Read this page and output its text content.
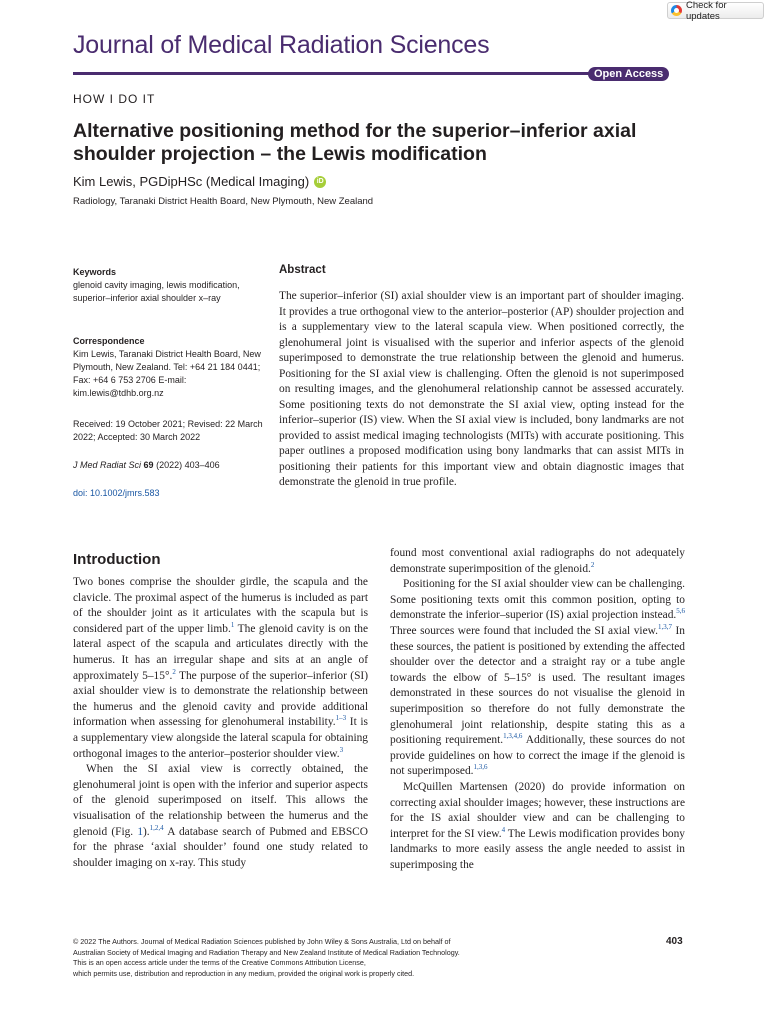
Check for updates
Journal of Medical Radiation Sciences
Open Access
HOW I DO IT
Alternative positioning method for the superior–inferior axial shoulder projection – the Lewis modification
Kim Lewis, PGDipHSc (Medical Imaging)	iD
Radiology, Taranaki District Health Board, New Plymouth, New Zealand
Keywords
glenoid cavity imaging, lewis modification, superior–inferior axial shoulder x–ray
Correspondence
Kim Lewis, Taranaki District Health Board, New Plymouth, New Zealand. Tel: +64 21 184 0441; Fax: +64 6 753 2706 E-mail: kim.lewis@tdhb.org.nz
Received: 19 October 2021; Revised: 22 March 2022; Accepted: 30 March 2022
J Med Radiat Sci 69 (2022) 403–406
doi: 10.1002/jmrs.583
Abstract

The superior–inferior (SI) axial shoulder view is an important part of shoulder imaging. It provides a true orthogonal view to the anterior–posterior (AP) shoulder projection and is a supplementary view to the lateral scapula view. When positioned correctly, the glenohumeral joint is visualised with the superior and inferior aspects of the glenoid superimposed to demonstrate the true relationship between the glenoid and humerus. Positioning for the SI axial view is challenging. Often the glenoid is not superimposed on resulting images, and the glenohumeral relationship cannot be assessed accurately. Some positioning texts do not demonstrate the SI axial view, opting instead for the inferior–superior (IS) view. When the SI axial view is included, bony landmarks are not provided to assist medical imaging technologists (MITs) with accurate positioning. This paper outlines a proposed modification using bony landmarks that can assist MITs in positioning their patients for this important view and obtain diagnostic images that demonstrate the glenoid in true profile.

Introduction

Two bones comprise the shoulder girdle, the scapula and the clavicle. The proximal aspect of the humerus is included as part of the shoulder joint as it articulates with the scapula but is considered part of the upper limb.$^1$ The glenoid cavity is on the lateral aspect of the scapula and articulates directly with the humerus. It has an irregular shape and sits at an angle of approximately 5–15°.$^2$ The purpose of the superior–inferior (SI) axial shoulder view is to demonstrate the relationship between the humerus and the glenoid cavity and provide additional information when assessing for glenohumeral instability.$^{1-3}$ It is a supplementary view alongside the lateral scapula for obtaining orthogonal images to the anterior–posterior shoulder view.$^3$

When the SI axial view is correctly obtained, the glenohumeral joint is open with the inferior and superior aspects of the glenoid superimposed on itself. This allows the visualisation of the relationship between the humerus and the glenoid (Fig. 1).$^{1,2,4}$ A database search of Pubmed and EBSCO for the phrase ‘axial shoulder’ found one study related to shoulder imaging on x-ray. This study

found most conventional axial radiographs do not adequately demonstrate superimposition of the glenoid.$^2$

Positioning for the SI axial shoulder view can be challenging. Some positioning texts omit this common position, opting to demonstrate the inferior–superior (IS) axial projection instead.$^{5,6}$ Three sources were found that included the SI axial view.$^{1,3,7}$ In these sources, the patient is positioned by extending the affected shoulder over the detector and a straight ray or a tube angle towards the elbow of 5–15° is used. The resultant images demonstrated in these sources do not visualise the glenoid in superimposition so therefore do not fully demonstrate the glenohumeral joint relationship, despite stating this as a positioning requirement.$^{1,3,4,6}$ Additionally, these sources do not provide guidelines on how to correct the image if the glenoid is not superimposed.$^{1,3,6}$

McQuillen Martensen (2020) do provide information on correcting axial shoulder images; however, these instructions are for the IS axial shoulder view and can be challenging to interpret for the SI view.$^4$ The Lewis modification provides bony landmarks to more easily assess the angle needed to assist in superimposing the

© 2022 The Authors. Journal of Medical Radiation Sciences published by John Wiley & Sons Australia, Ltd on behalf of
Australian Society of Medical Imaging and Radiation Therapy and New Zealand Institute of Medical Radiation Technology.
This is an open access article under the terms of the Creative Commons Attribution License,
which permits use, distribution and reproduction in any medium, provided the original work is properly cited.
403
